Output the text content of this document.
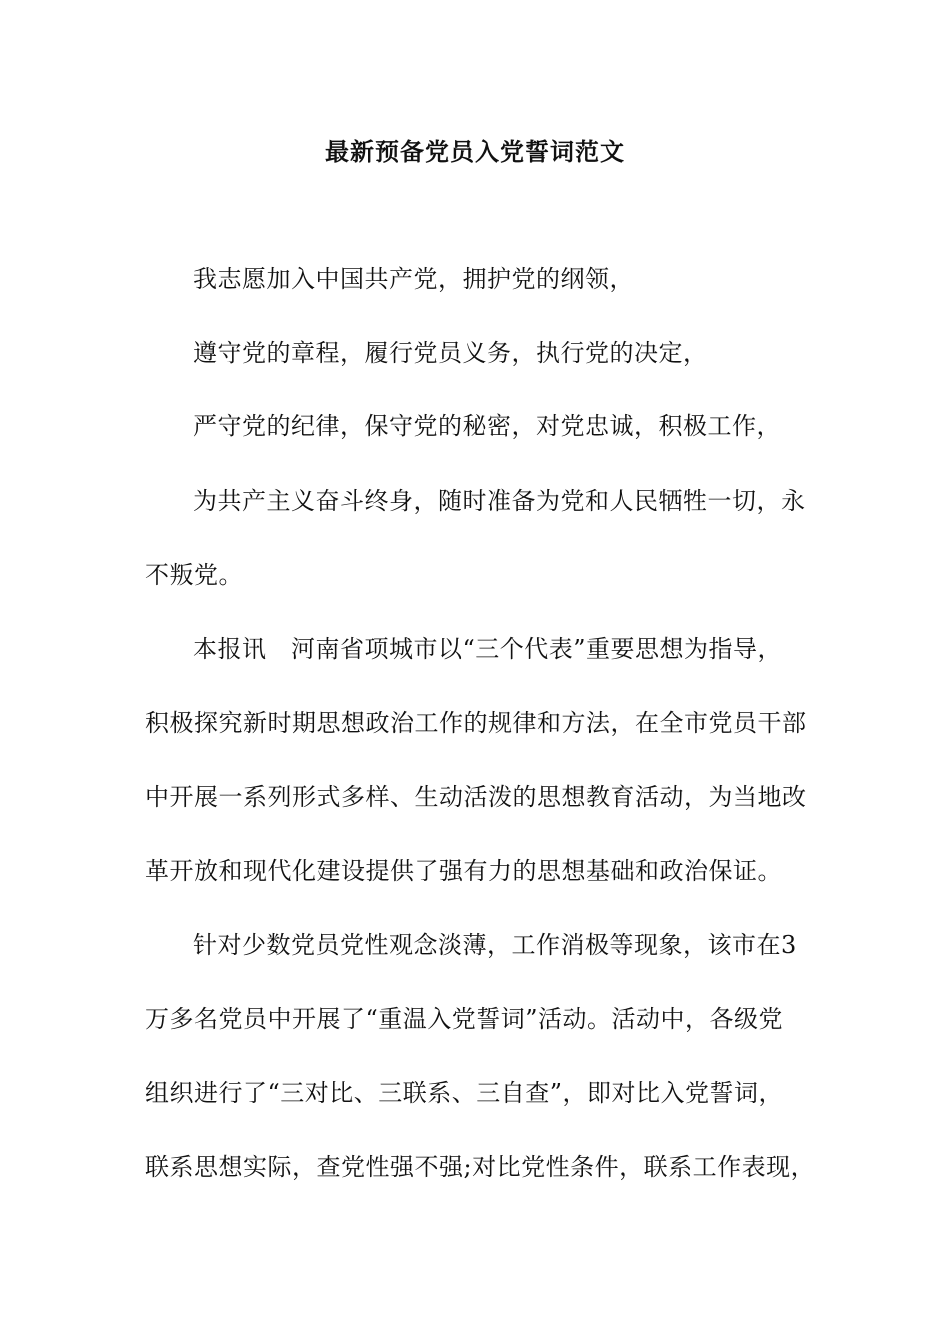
最新预备党员入党誓词范文
我志愿加入中国共产党，拥护党的纲领，
遵守党的章程，履行党员义务，执行党的决定，
严守党的纪律，保守党的秘密，对党忠诚，积极工作，
为共产主义奋斗终身，随时准备为党和人民牺牲一切，永
不叛党。
本报讯　河南省项城市以“三个代表”重要思想为指导，
积极探究新时期思想政治工作的规律和方法，在全市党员干部
中开展一系列形式多样、生动活泼的思想教育活动，为当地改
革开放和现代化建设提供了强有力的思想基础和政治保证。
针对少数党员党性观念淡薄，工作消极等现象，该市在3
万多名党员中开展了“重温入党誓词”活动。活动中，各级党
组织进行了“三对比、三联系、三自查”，即对比入党誓词，
联系思想实际，查党性强不强;对比党性条件，联系工作表现，
